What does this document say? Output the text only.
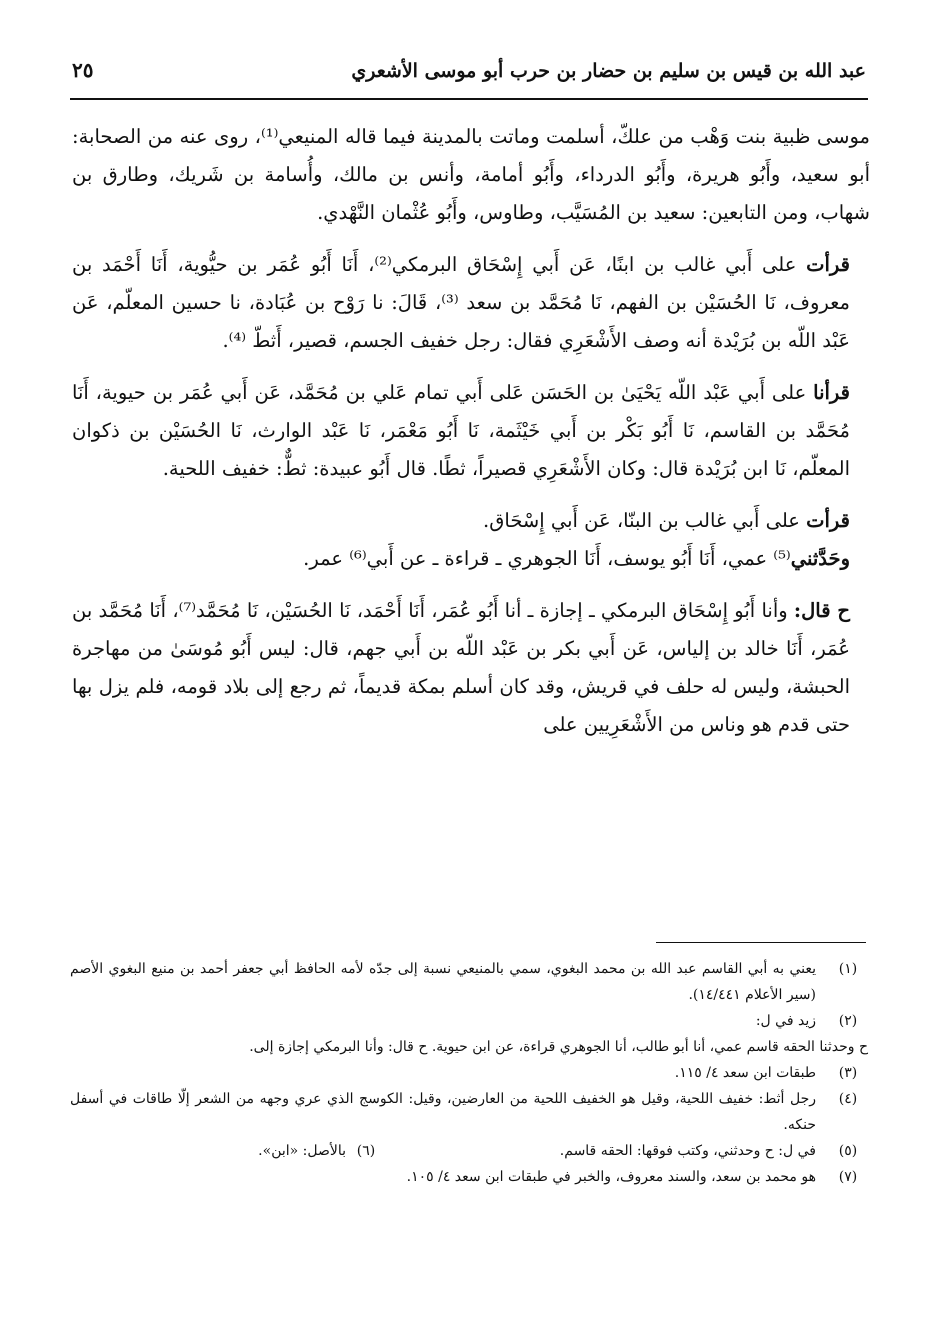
عبد الله بن قيس بن سليم بن حضار بن حرب أبو موسى الأشعري
٢٥

موسى ظبية بنت وَهْب من علكّ، أسلمت وماتت بالمدينة فيما قاله المنيعي⁽¹⁾، روى عنه من الصحابة: أبو سعيد، وأَبُو هريرة، وأَبُو الدرداء، وأَبُو أمامة، وأنس بن مالك، وأُسامة بن شَريك، وطارق بن شهاب، ومن التابعين: سعيد بن المُسَيَّب، وطاوس، وأَبُو عُثْمان النَّهْدي.

قرأت على أَبي غالب بن ابنًا، عَن أَبي إِسْحَاق البرمكي⁽²⁾، أَنَا أَبُو عُمَر بن حيُّوية، أَنَا أَحْمَد بن معروف، نَا الحُسَيْن بن الفهم، نَا مُحَمَّد بن سعد ⁽³⁾، قَالَ: نا رَوْح بن عُبَادة، نا حسين المعلّم، عَن عَبْد اللّه بن بُرَيْدة أنه وصف الأَشْعَرِي فقال: رجل خفيف الجسم، قصير، أَثطّ ⁽⁴⁾.

قرأنا على أَبي عَبْد اللّه يَحْيَىٰ بن الحَسَن عَلى أَبي تمام عَلي بن مُحَمَّد، عَن أَبي عُمَر بن حيوية، أَنَا مُحَمَّد بن القاسم، نَا أَبُو بَكْر بن أَبي خَيْثَمة، نَا أَبُو مَعْمَر، نَا عَبْد الوارث، نَا الحُسَيْن بن ذكوان المعلّم، نَا ابن بُرَيْدة قال: وكان الأَشْعَرِي قصيراً، ثطًا. قال أَبُو عبيدة: ثطٌّ: خفيف اللحية.

قرأت على أَبي غالب بن البنّا، عَن أَبي إِسْحَاق.

وحَدَّثني⁽⁵⁾ عمي، أَنَا أَبُو يوسف، أَنَا الجوهري ـ قراءة ـ عن أَبي⁽⁶⁾ عمر.

ح قال: وأنا أَبُو إِسْحَاق البرمكي ـ إجازة ـ أنا أَبُو عُمَر، أَنَا أَحْمَد، نَا الحُسَيْن، نَا مُحَمَّد⁽⁷⁾، أَنَا مُحَمَّد بن عُمَر، أَنَا خالد بن إلياس، عَن أَبي بكر بن عَبْد اللّه بن أَبي جهم، قال: ليس أَبُو مُوسَىٰ من مهاجرة الحبشة، وليس له حلف في قريش، وقد كان أسلم بمكة قديماً، ثم رجع إلى بلاد قومه، فلم يزل بها حتى قدم هو وناس من الأَشْعَرِيين على

(١)
يعني به أبي القاسم عبد الله بن محمد البغوي، سمي بالمنيعي نسبة إلى جدّه لأمه الحافظ أبي جعفر أحمد بن منيع البغوي الأصم (سير الأعلام ١٤/٤٤١).
(٢)
زيد في ل:
ح وحدثنا الحقه قاسم عمي، أنا أبو طالب، أنا الجوهري قراءة، عن ابن حيوية. ح قال: وأنا البرمكي إجازة إلى.
(٣)
طبقات ابن سعد ٤/ ١١٥.
(٤)
رجل أثط: خفيف اللحية، وقيل هو الخفيف اللحية من العارضين، وقيل: الكوسج الذي عري وجهه من الشعر إلّا طاقات في أسفل حنكه.
(٥)
في ل: ح وحدثني، وكتب فوقها: الحقه قاسم.
(٦)
بالأصل: «ابن».
(٧)
هو محمد بن سعد، والسند معروف، والخبر في طبقات ابن سعد ٤/ ١٠٥.
